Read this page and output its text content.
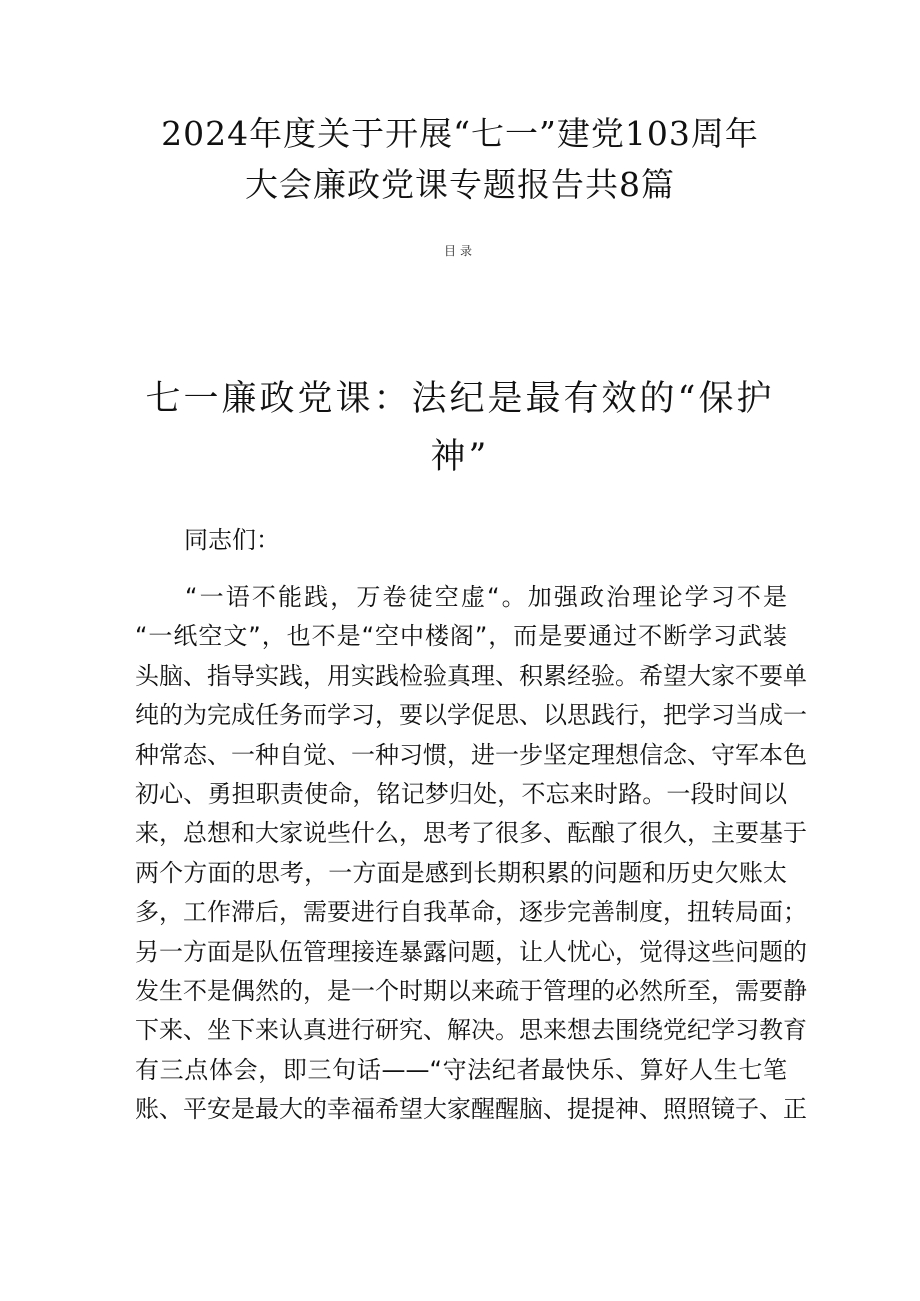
2024年度关于开展“七一”建党103周年
大会廉政党课专题报告共8篇
目录
七一廉政党课：法纪是最有效的“保护
神”

同志们：

“一语不能践，万卷徒空虚“。加强政治理论学习不是
“一纸空文”，也不是“空中楼阁”，而是要通过不断学习武装
头脑、指导实践，用实践检验真理、积累经验。希望大家不要单
纯的为完成任务而学习，要以学促思、以思践行，把学习当成一
种常态、一种自觉、一种习惯，进一步坚定理想信念、守军本色
初心、勇担职责使命，铭记梦归处，不忘来时路。一段时间以
来，总想和大家说些什么，思考了很多、酝酿了很久，主要基于
两个方面的思考，一方面是感到长期积累的问题和历史欠账太
多，工作滞后，需要进行自我革命，逐步完善制度，扭转局面；
另一方面是队伍管理接连暴露问题，让人忧心，觉得这些问题的
发生不是偶然的，是一个时期以来疏于管理的必然所至，需要静
下来、坐下来认真进行研究、解决。思来想去围绕党纪学习教育
有三点体会，即三句话——“守法纪者最快乐、算好人生七笔
账、平安是最大的幸福希望大家醒醒脑、提提神、照照镜子、正
